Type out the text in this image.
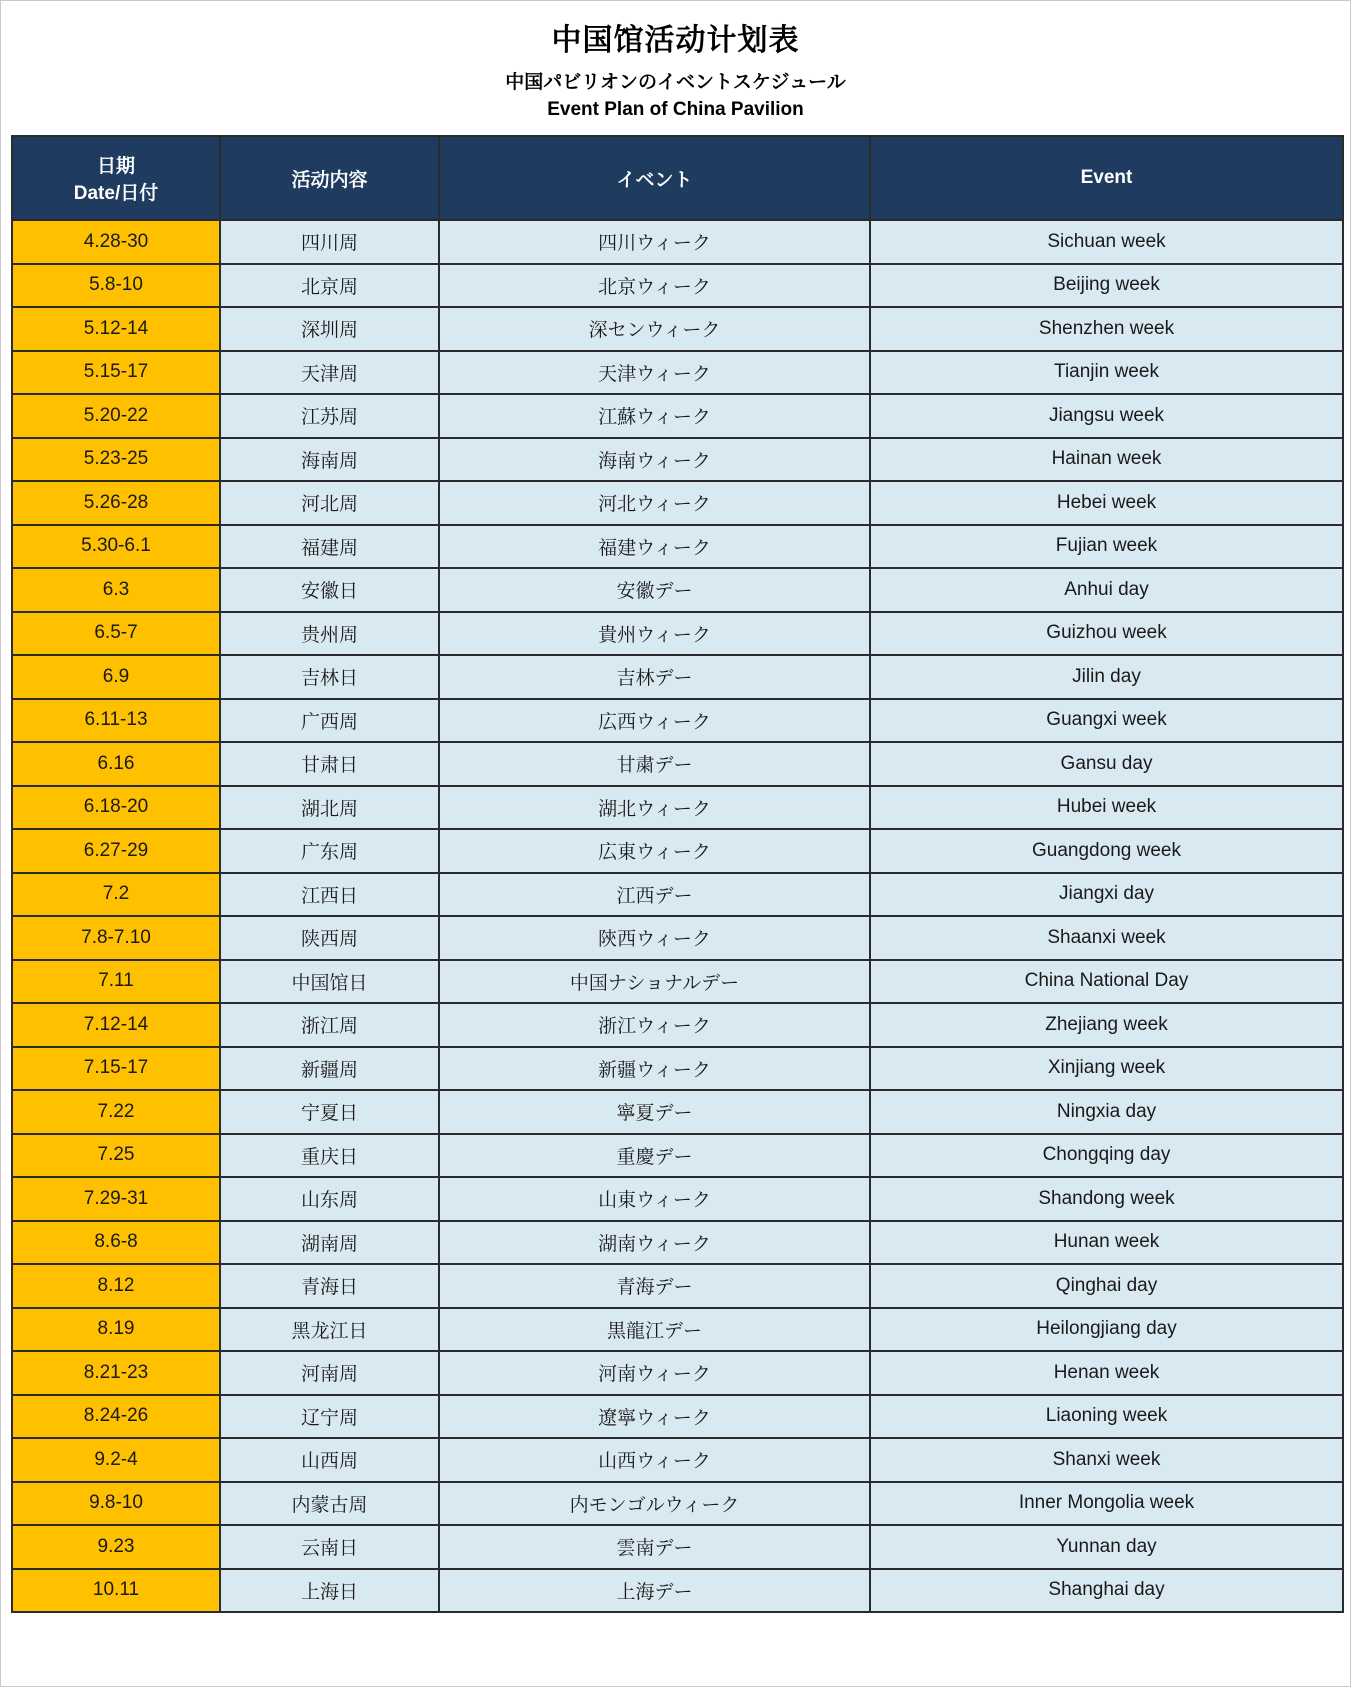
中国馆活动计划表
中国パビリオンのイベントスケジュール
Event Plan of China Pavilion
日期
Date/日付	活动内容	イベント	Event
4.28-30	四川周	四川ウィーク	Sichuan week
5.8-10	北京周	北京ウィーク	Beijing week
5.12-14	深圳周	深センウィーク	Shenzhen week
5.15-17	天津周	天津ウィーク	Tianjin week
5.20-22	江苏周	江蘇ウィーク	Jiangsu week
5.23-25	海南周	海南ウィーク	Hainan week
5.26-28	河北周	河北ウィーク	Hebei week
5.30-6.1	福建周	福建ウィーク	Fujian week
6.3	安徽日	安徽デー	Anhui day
6.5-7	贵州周	貴州ウィーク	Guizhou week
6.9	吉林日	吉林デー	Jilin day
6.11-13	广西周	広西ウィーク	Guangxi week
6.16	甘肃日	甘粛デー	Gansu day
6.18-20	湖北周	湖北ウィーク	Hubei week
6.27-29	广东周	広東ウィーク	Guangdong week
7.2	江西日	江西デー	Jiangxi day
7.8-7.10	陕西周	陝西ウィーク	Shaanxi week
7.11	中国馆日	中国ナショナルデー	China National Day
7.12-14	浙江周	浙江ウィーク	Zhejiang week
7.15-17	新疆周	新疆ウィーク	Xinjiang week
7.22	宁夏日	寧夏デー	Ningxia day
7.25	重庆日	重慶デー	Chongqing day
7.29-31	山东周	山東ウィーク	Shandong week
8.6-8	湖南周	湖南ウィーク	Hunan week
8.12	青海日	青海デー	Qinghai day
8.19	黑龙江日	黒龍江デー	Heilongjiang day
8.21-23	河南周	河南ウィーク	Henan week
8.24-26	辽宁周	遼寧ウィーク	Liaoning week
9.2-4	山西周	山西ウィーク	Shanxi week
9.8-10	内蒙古周	内モンゴルウィーク	Inner Mongolia week
9.23	云南日	雲南デー	Yunnan day
10.11	上海日	上海デー	Shanghai day
